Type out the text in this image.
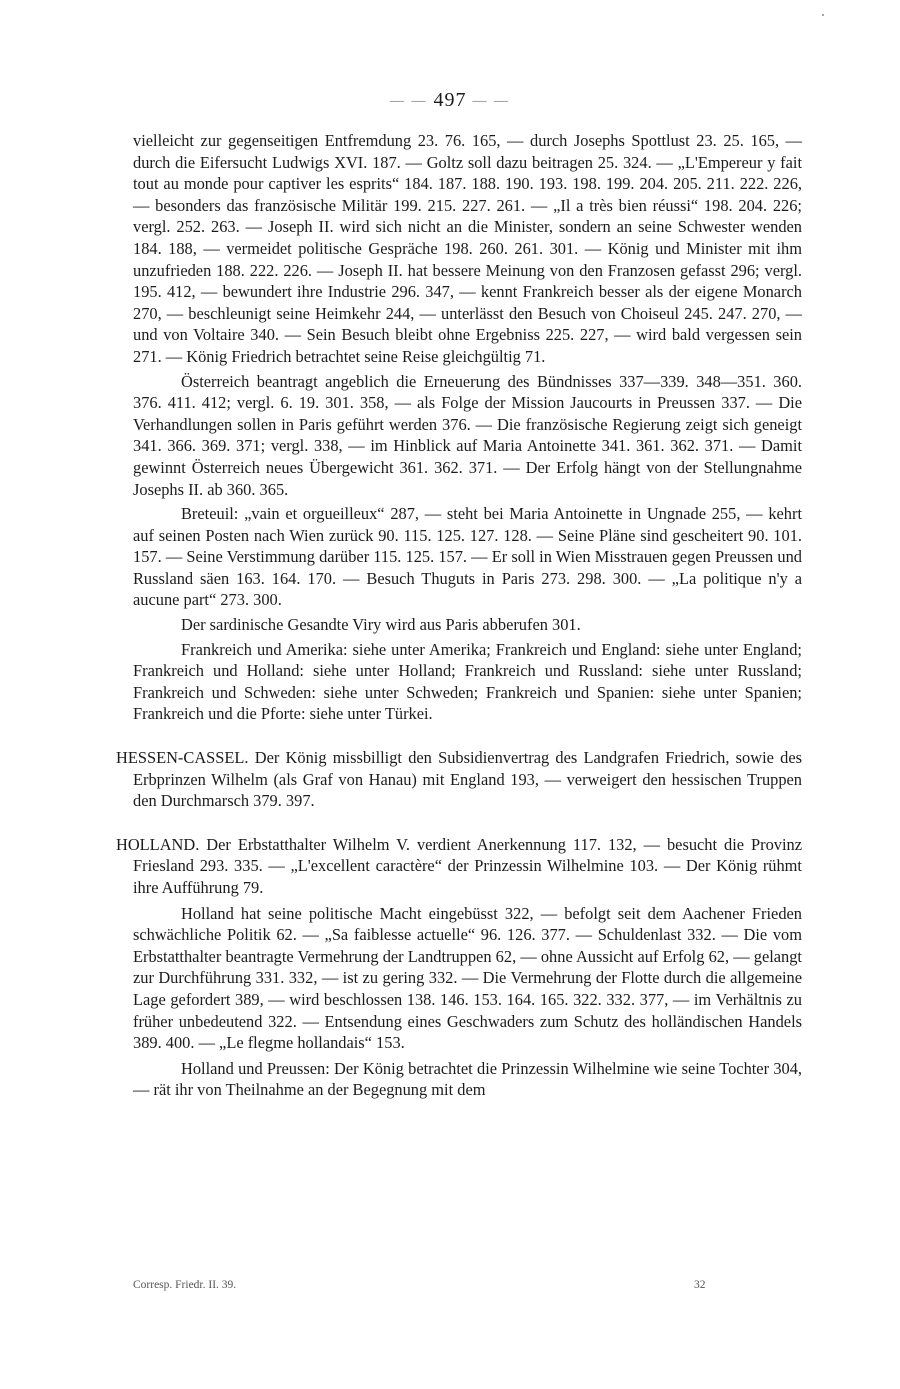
— — 497 — —

vielleicht zur gegenseitigen Entfremdung 23. 76. 165, — durch Josephs Spottlust 23. 25. 165, — durch die Eifersucht Ludwigs XVI. 187. — Goltz soll dazu beitragen 25. 324. — „L'Empereur y fait tout au monde pour captiver les esprits“ 184. 187. 188. 190. 193. 198. 199. 204. 205. 211. 222. 226, — besonders das französische Militär 199. 215. 227. 261. — „Il a très bien réussi“ 198. 204. 226; vergl. 252. 263. — Joseph II. wird sich nicht an die Minister, sondern an seine Schwester wenden 184. 188, — vermeidet politische Gespräche 198. 260. 261. 301. — König und Minister mit ihm unzufrieden 188. 222. 226. — Joseph II. hat bessere Meinung von den Franzosen gefasst 296; vergl. 195. 412, — bewundert ihre Industrie 296. 347, — kennt Frankreich besser als der eigene Monarch 270, — beschleunigt seine Heimkehr 244, — unterlässt den Besuch von Choiseul 245. 247. 270, — und von Voltaire 340. — Sein Besuch bleibt ohne Ergebniss 225. 227, — wird bald vergessen sein 271. — König Friedrich betrachtet seine Reise gleichgültig 71.

Österreich beantragt angeblich die Erneuerung des Bündnisses 337—339. 348—351. 360. 376. 411. 412; vergl. 6. 19. 301. 358, — als Folge der Mission Jaucourts in Preussen 337. — Die Verhandlungen sollen in Paris geführt werden 376. — Die französische Regierung zeigt sich geneigt 341. 366. 369. 371; vergl. 338, — im Hinblick auf Maria Antoinette 341. 361. 362. 371. — Damit gewinnt Österreich neues Übergewicht 361. 362. 371. — Der Erfolg hängt von der Stellungnahme Josephs II. ab 360. 365.

Breteuil: „vain et orgueilleux“ 287, — steht bei Maria Antoinette in Ungnade 255, — kehrt auf seinen Posten nach Wien zurück 90. 115. 125. 127. 128. — Seine Pläne sind gescheitert 90. 101. 157. — Seine Verstimmung darüber 115. 125. 157. — Er soll in Wien Misstrauen gegen Preussen und Russland säen 163. 164. 170. — Besuch Thuguts in Paris 273. 298. 300. — „La politique n'y a aucune part“ 273. 300.

Der sardinische Gesandte Viry wird aus Paris abberufen 301.

Frankreich und Amerika: siehe unter Amerika; Frankreich und England: siehe unter England; Frankreich und Holland: siehe unter Holland; Frankreich und Russland: siehe unter Russland; Frankreich und Schweden: siehe unter Schweden; Frankreich und Spanien: siehe unter Spanien; Frankreich und die Pforte: siehe unter Türkei.

HESSEN-CASSEL. Der König missbilligt den Subsidienvertrag des Landgrafen Friedrich, sowie des Erbprinzen Wilhelm (als Graf von Hanau) mit England 193, — verweigert den hessischen Truppen den Durchmarsch 379. 397.

HOLLAND. Der Erbstatthalter Wilhelm V. verdient Anerkennung 117. 132, — besucht die Provinz Friesland 293. 335. — „L'excellent caractère“ der Prinzessin Wilhelmine 103. — Der König rühmt ihre Aufführung 79.

Holland hat seine politische Macht eingebüsst 322, — befolgt seit dem Aachener Frieden schwächliche Politik 62. — „Sa faiblesse actuelle“ 96. 126. 377. — Schuldenlast 332. — Die vom Erbstatthalter beantragte Vermehrung der Landtruppen 62, — ohne Aussicht auf Erfolg 62, — gelangt zur Durchführung 331. 332, — ist zu gering 332. — Die Vermehrung der Flotte durch die allgemeine Lage gefordert 389, — wird beschlossen 138. 146. 153. 164. 165. 322. 332. 377, — im Verhältnis zu früher unbedeutend 322. — Entsendung eines Geschwaders zum Schutz des holländischen Handels 389. 400. — „Le flegme hollandais“ 153.

Holland und Preussen: Der König betrachtet die Prinzessin Wilhelmine wie seine Tochter 304, — rät ihr von Theilnahme an der Begegnung mit dem

Corresp. Friedr. II. 39.	32
